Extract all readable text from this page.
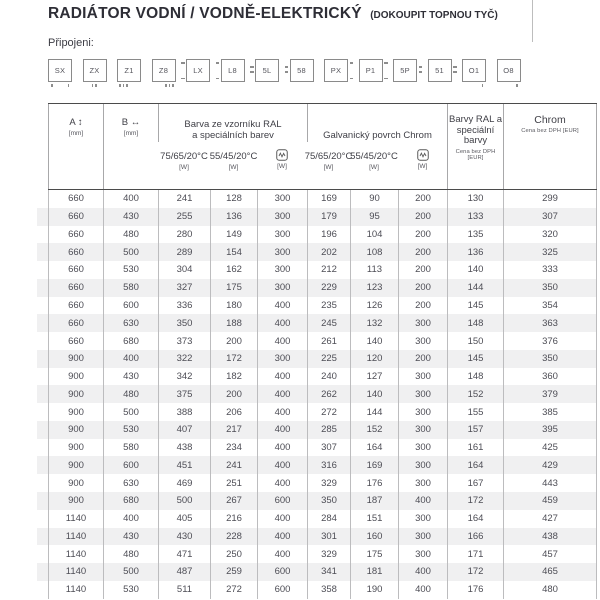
RADIÁTOR VODNÍ / VODNĚ-ELEKTRICKÝ (DOKOUPIT TOPNOU TYČ)
Připojeni:
SX	ZX	Z1	Z8	LX	L8	5L	58	PX	P1	5P	51	O1	O8
A ↕
[mm]
B ↔
[mm]
Barva ze vzorníku RAL
a speciálních barev
75/65/20°C
[W]
55/45/20°C
[W]	[W]
Galvanický povrch Chrom
75/65/20°C
[W]
55/45/20°C
[W]	[W]
Barvy RAL a
speciální barvy
Cena bez DPH [EUR]
Chrom
Cena bez DPH [EUR]
660	400	241	128	300	169	90	200	130	299
660	430	255	136	300	179	95	200	133	307
660	480	280	149	300	196	104	200	135	320
660	500	289	154	300	202	108	200	136	325
660	530	304	162	300	212	113	200	140	333
660	580	327	175	300	229	123	200	144	350
660	600	336	180	400	235	126	200	145	354
660	630	350	188	400	245	132	300	148	363
660	680	373	200	400	261	140	300	150	376
900	400	322	172	300	225	120	200	145	350
900	430	342	182	400	240	127	300	148	360
900	480	375	200	400	262	140	300	152	379
900	500	388	206	400	272	144	300	155	385
900	530	407	217	400	285	152	300	157	395
900	580	438	234	400	307	164	300	161	425
900	600	451	241	400	316	169	300	164	429
900	630	469	251	400	329	176	300	167	443
900	680	500	267	600	350	187	400	172	459
1140	400	405	216	400	284	151	300	164	427
1140	430	430	228	400	301	160	300	166	438
1140	480	471	250	400	329	175	300	171	457
1140	500	487	259	600	341	181	400	172	465
1140	530	511	272	600	358	190	400	176	480
